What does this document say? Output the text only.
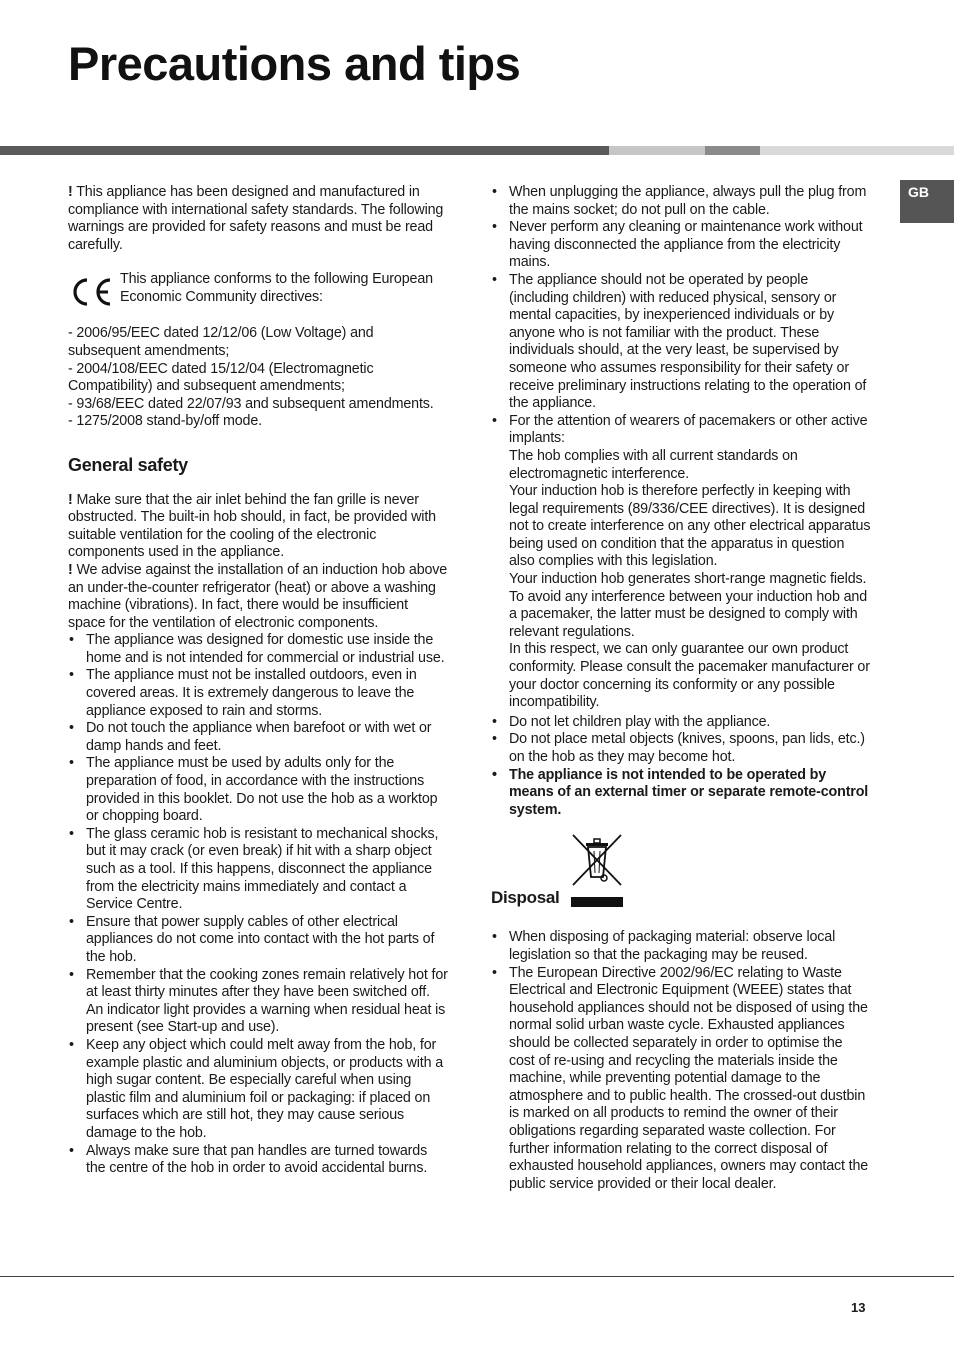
Precautions and tips
GB

! This appliance has been designed and manufactured in compliance with international safety standards. The following warnings are provided for safety reasons and must be read carefully.

This appliance conforms to the following European Economic Community directives:

- 2006/95/EEC dated 12/12/06 (Low Voltage) and subsequent amendments;

- 2004/108/EEC dated 15/12/04 (Electromagnetic Compatibility) and subsequent amendments;

- 93/68/EEC dated 22/07/93 and subsequent amendments.

- 1275/2008 stand-by/off mode.

General safety

! Make sure that the air inlet behind the fan grille is never obstructed. The built-in hob should, in fact, be provided with suitable ventilation for the cooling of the electronic components used in the appliance.

! We advise against the installation of an induction hob above an under-the-counter refrigerator (heat) or above a washing machine (vibrations). In fact, there would be insufficient space for the ventilation of electronic components.

• The appliance was designed for domestic use inside the home and is not intended for commercial or industrial use.
• The appliance must not be installed outdoors, even in covered areas. It is extremely dangerous to leave the appliance exposed to rain and storms.
• Do not touch the appliance when barefoot or with wet or damp hands and feet.
• The appliance must be used by adults only for the preparation of food, in accordance with the instructions provided in this booklet. Do not use the hob as a worktop or chopping board.
• The glass ceramic hob is resistant to mechanical shocks, but it may crack (or even break) if hit with a sharp object such as a tool. If this happens, disconnect the appliance from the electricity mains immediately and contact a Service Centre.
• Ensure that power supply cables of other electrical appliances do not come into contact with the hot parts of the hob.
• Remember that the cooking zones remain relatively hot for at least thirty minutes after they have been switched off. An indicator light provides a warning when residual heat is present (see Start-up and use).
• Keep any object which could melt away from the hob, for example plastic and aluminium objects, or products with a high sugar content. Be especially careful when using plastic film and aluminium foil or packaging: if placed on surfaces which are still hot, they may cause serious damage to the hob.
• Always make sure that pan handles are turned towards the centre of the hob in order to avoid accidental burns.
• When unplugging the appliance, always pull the plug from the mains socket; do not pull on the cable.
• Never perform any cleaning or maintenance work without having disconnected the appliance from the electricity mains.
• The appliance should not be operated by people (including children) with reduced physical, sensory or mental capacities, by inexperienced individuals or by anyone who is not familiar with the product. These individuals should, at the very least, be supervised by someone who assumes responsibility for their safety or receive preliminary instructions relating to the operation of the appliance.
• For the attention of wearers of pacemakers or other active implants:
The hob complies with all current standards on electromagnetic interference.
Your induction hob is therefore perfectly in keeping with legal requirements (89/336/CEE directives). It is designed not to create interference on any other electrical apparatus being used on condition that the apparatus in question also complies with this legislation.
Your induction hob generates short-range magnetic fields.
To avoid any interference between your induction hob and a pacemaker, the latter must be designed to comply with relevant regulations.
In this respect, we can only guarantee our own product conformity. Please consult the pacemaker manufacturer or your doctor concerning its conformity or any possible incompatibility.
• Do not let children play with the appliance.
• Do not place metal objects (knives, spoons, pan lids, etc.) on the hob as they may become hot.
• The appliance is not intended to be operated by means of an external timer or separate remote-control system.
Disposal
• When disposing of packaging material: observe local legislation so that the packaging may be reused.
• The European Directive 2002/96/EC relating to Waste Electrical and Electronic Equipment (WEEE) states that household appliances should not be disposed of using the normal solid urban waste cycle. Exhausted appliances should be collected separately in order to optimise the cost of re-using and recycling the materials inside the machine, while preventing potential damage to the atmosphere and to public health. The crossed-out dustbin is marked on all products to remind the owner of their obligations regarding separated waste collection. For further information relating to the correct disposal of exhausted household appliances, owners may contact the public service provided or their local dealer.
13
